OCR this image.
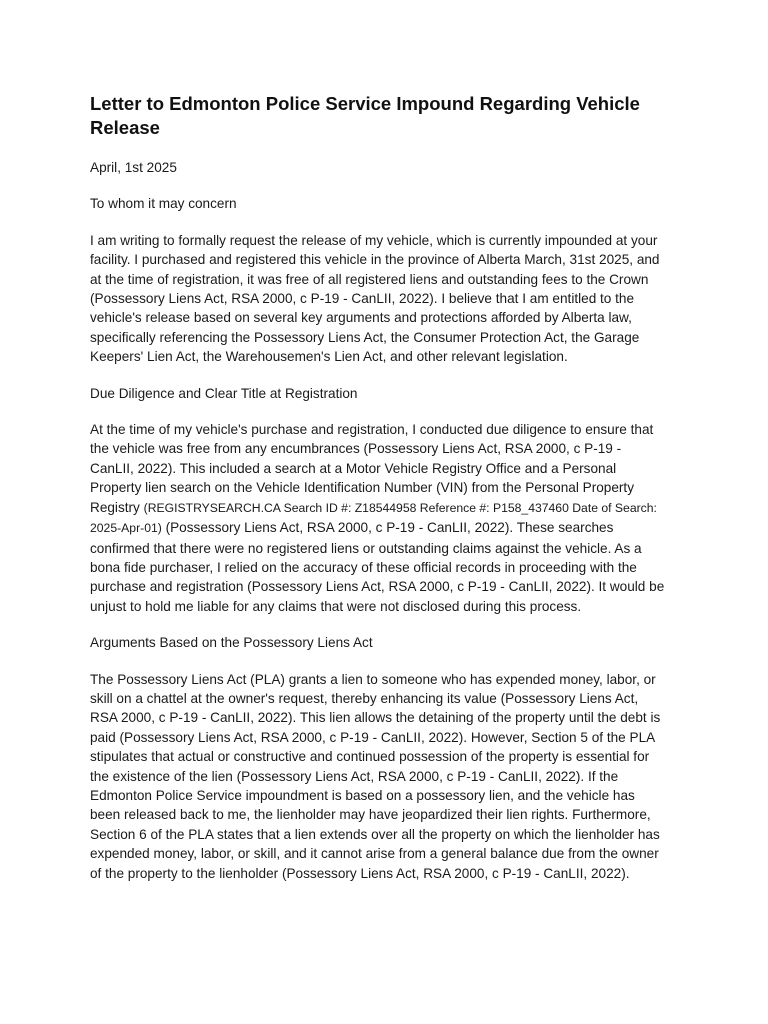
Letter to Edmonton Police Service Impound Regarding Vehicle
Release

April, 1st 2025

To whom it may concern

I am writing to formally request the release of my vehicle, which is currently impounded at your
facility. I purchased and registered this vehicle in the province of Alberta March, 31st 2025, and
at the time of registration, it was free of all registered liens and outstanding fees to the Crown
(Possessory Liens Act, RSA 2000, c P-19 - CanLII, 2022). I believe that I am entitled to the
vehicle's release based on several key arguments and protections afforded by Alberta law,
specifically referencing the Possessory Liens Act, the Consumer Protection Act, the Garage
Keepers' Lien Act, the Warehousemen's Lien Act, and other relevant legislation.

Due Diligence and Clear Title at Registration

At the time of my vehicle's purchase and registration, I conducted due diligence to ensure that
the vehicle was free from any encumbrances (Possessory Liens Act, RSA 2000, c P-19 -
CanLII, 2022). This included a search at a Motor Vehicle Registry Office and a Personal
Property lien search on the Vehicle Identification Number (VIN) from the Personal Property
Registry (REGISTRYSEARCH.CA Search ID #: Z18544958 Reference #: P158_437460 Date of Search:
2025-Apr-01) (Possessory Liens Act, RSA 2000, c P-19 - CanLII, 2022). These searches
confirmed that there were no registered liens or outstanding claims against the vehicle. As a
bona fide purchaser, I relied on the accuracy of these official records in proceeding with the
purchase and registration (Possessory Liens Act, RSA 2000, c P-19 - CanLII, 2022). It would be
unjust to hold me liable for any claims that were not disclosed during this process.

Arguments Based on the Possessory Liens Act

The Possessory Liens Act (PLA) grants a lien to someone who has expended money, labor, or
skill on a chattel at the owner's request, thereby enhancing its value (Possessory Liens Act,
RSA 2000, c P-19 - CanLII, 2022). This lien allows the detaining of the property until the debt is
paid (Possessory Liens Act, RSA 2000, c P-19 - CanLII, 2022). However, Section 5 of the PLA
stipulates that actual or constructive and continued possession of the property is essential for
the existence of the lien (Possessory Liens Act, RSA 2000, c P-19 - CanLII, 2022). If the
Edmonton Police Service impoundment is based on a possessory lien, and the vehicle has
been released back to me, the lienholder may have jeopardized their lien rights. Furthermore,
Section 6 of the PLA states that a lien extends over all the property on which the lienholder has
expended money, labor, or skill, and it cannot arise from a general balance due from the owner
of the property to the lienholder (Possessory Liens Act, RSA 2000, c P-19 - CanLII, 2022).
